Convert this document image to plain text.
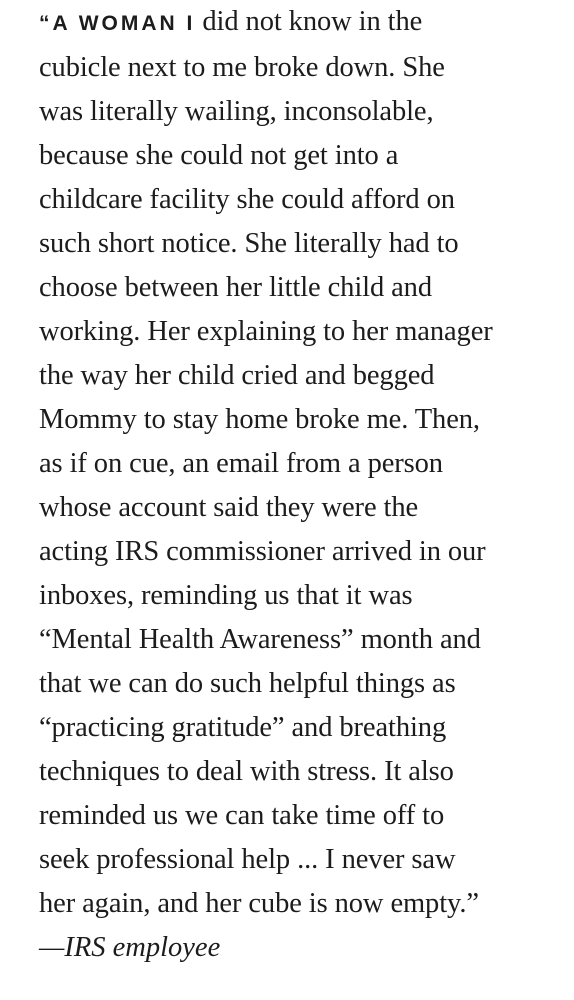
“A WOMAN I did not know in the
cubicle next to me broke down. She
was literally wailing, inconsolable,
because she could not get into a
childcare facility she could afford on
such short notice. She literally had to
choose between her little child and
working. Her explaining to her manager
the way her child cried and begged
Mommy to stay home broke me. Then,
as if on cue, an email from a person
whose account said they were the
acting IRS commissioner arrived in our
inboxes, reminding us that it was
“Mental Health Awareness” month and
that we can do such helpful things as
“practicing gratitude” and breathing
techniques to deal with stress. It also
reminded us we can take time off to
seek professional help ... I never saw
her again, and her cube is now empty.”
—IRS employee
